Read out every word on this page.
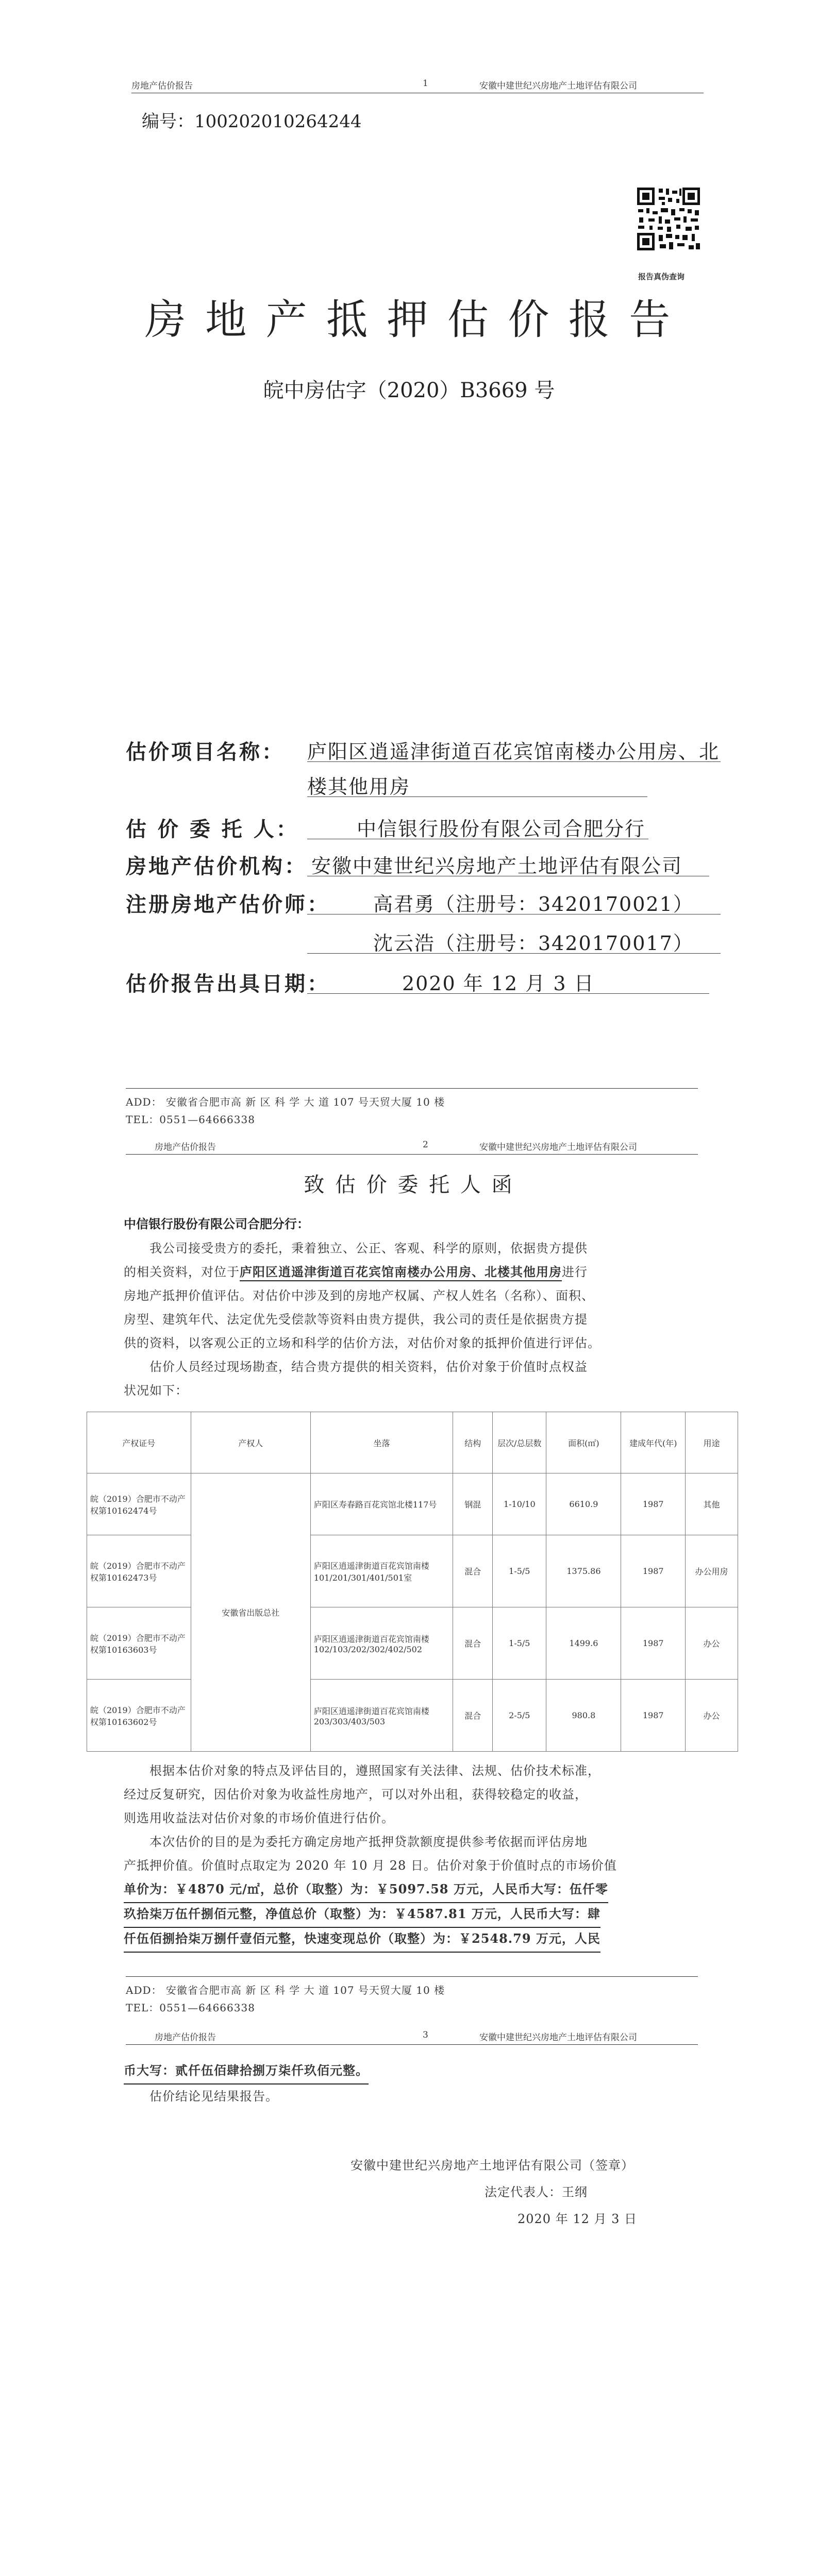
房地产估价报告	1	安徽中建世纪兴房地产土地评估有限公司
编号：100202010264244
报告真伪查询
房 地 产 抵 押 估 价 报 告
皖中房估字（2020）B3669 号
估价项目名称： 庐阳区逍遥津街道百花宾馆南楼办公用房、北
楼其他用房
估 价 委 托 人：	中信银行股份有限公司合肥分行
房地产估价机构： 安徽中建世纪兴房地产土地评估有限公司
注册房地产估价师： 高君勇（注册号：3420170021）
沈云浩（注册号：3420170017）
估价报告出具日期：	2020 年 12 月 3 日
ADD： 安徽省合肥市高 新 区 科 学 大 道 107 号天贸大厦 10 楼
TEL：0551—64666338
房地产估价报告	2	安徽中建世纪兴房地产土地评估有限公司
致 估 价 委 托 人 函
中信银行股份有限公司合肥分行：
我公司接受贵方的委托，秉着独立、公正、客观、科学的原则，依据贵方提供
的相关资料，对位于庐阳区逍遥津街道百花宾馆南楼办公用房、北楼其他用房进行
房地产抵押价值评估。对估价中涉及到的房地产权属、产权人姓名（名称）、面积、
房型、建筑年代、法定优先受偿款等资料由贵方提供，我公司的责任是依据贵方提
供的资料，以客观公正的立场和科学的估价方法，对估价对象的抵押价值进行评估。
估价人员经过现场勘查，结合贵方提供的相关资料，估价对象于价值时点权益
状况如下：
产权证号	产权人	坐落	结构	层次/总层数	面积(㎡)	建成年代(年)	用途
皖（2019）合肥市不动产权第10162474号	安徽省出版总社	庐阳区寿春路百花宾馆北楼117号	钢混	1-10/10	6610.9	1987	其他
皖（2019）合肥市不动产权第10162473号		庐阳区逍遥津街道百花宾馆南楼101/201/301/401/501室	混合	1-5/5	1375.86	1987	办公用房
皖（2019）合肥市不动产权第10163603号		庐阳区逍遥津街道百花宾馆南楼102/103/202/302/402/502	混合	1-5/5	1499.6	1987	办公
皖（2019）合肥市不动产权第10163602号		庐阳区逍遥津街道百花宾馆南楼203/303/403/503	混合	2-5/5	980.8	1987	办公
根据本估价对象的特点及评估目的，遵照国家有关法律、法规、估价技术标准，
经过反复研究，因估价对象为收益性房地产，可以对外出租，获得较稳定的收益，
则选用收益法对估价对象的市场价值进行估价。
本次估价的目的是为委托方确定房地产抵押贷款额度提供参考依据而评估房地
产抵押价值。价值时点取定为 2020 年 10 月 28 日。估价对象于价值时点的市场价值
单价为：￥4870 元/㎡，总价（取整）为：￥5097.58 万元，人民币大写：伍仟零
玖拾柒万伍仟捌佰元整，净值总价（取整）为：￥4587.81 万元，人民币大写：肆
仟伍佰捌拾柒万捌仟壹佰元整，快速变现总价（取整）为：￥2548.79 万元，人民
ADD： 安徽省合肥市高 新 区 科 学 大 道 107 号天贸大厦 10 楼
TEL：0551—64666338
房地产估价报告	3	安徽中建世纪兴房地产土地评估有限公司
币大写：贰仟伍佰肆拾捌万柒仟玖佰元整。
估价结论见结果报告。
安徽中建世纪兴房地产土地评估有限公司（签章）
法定代表人：王纲
2020 年 12 月 3 日
